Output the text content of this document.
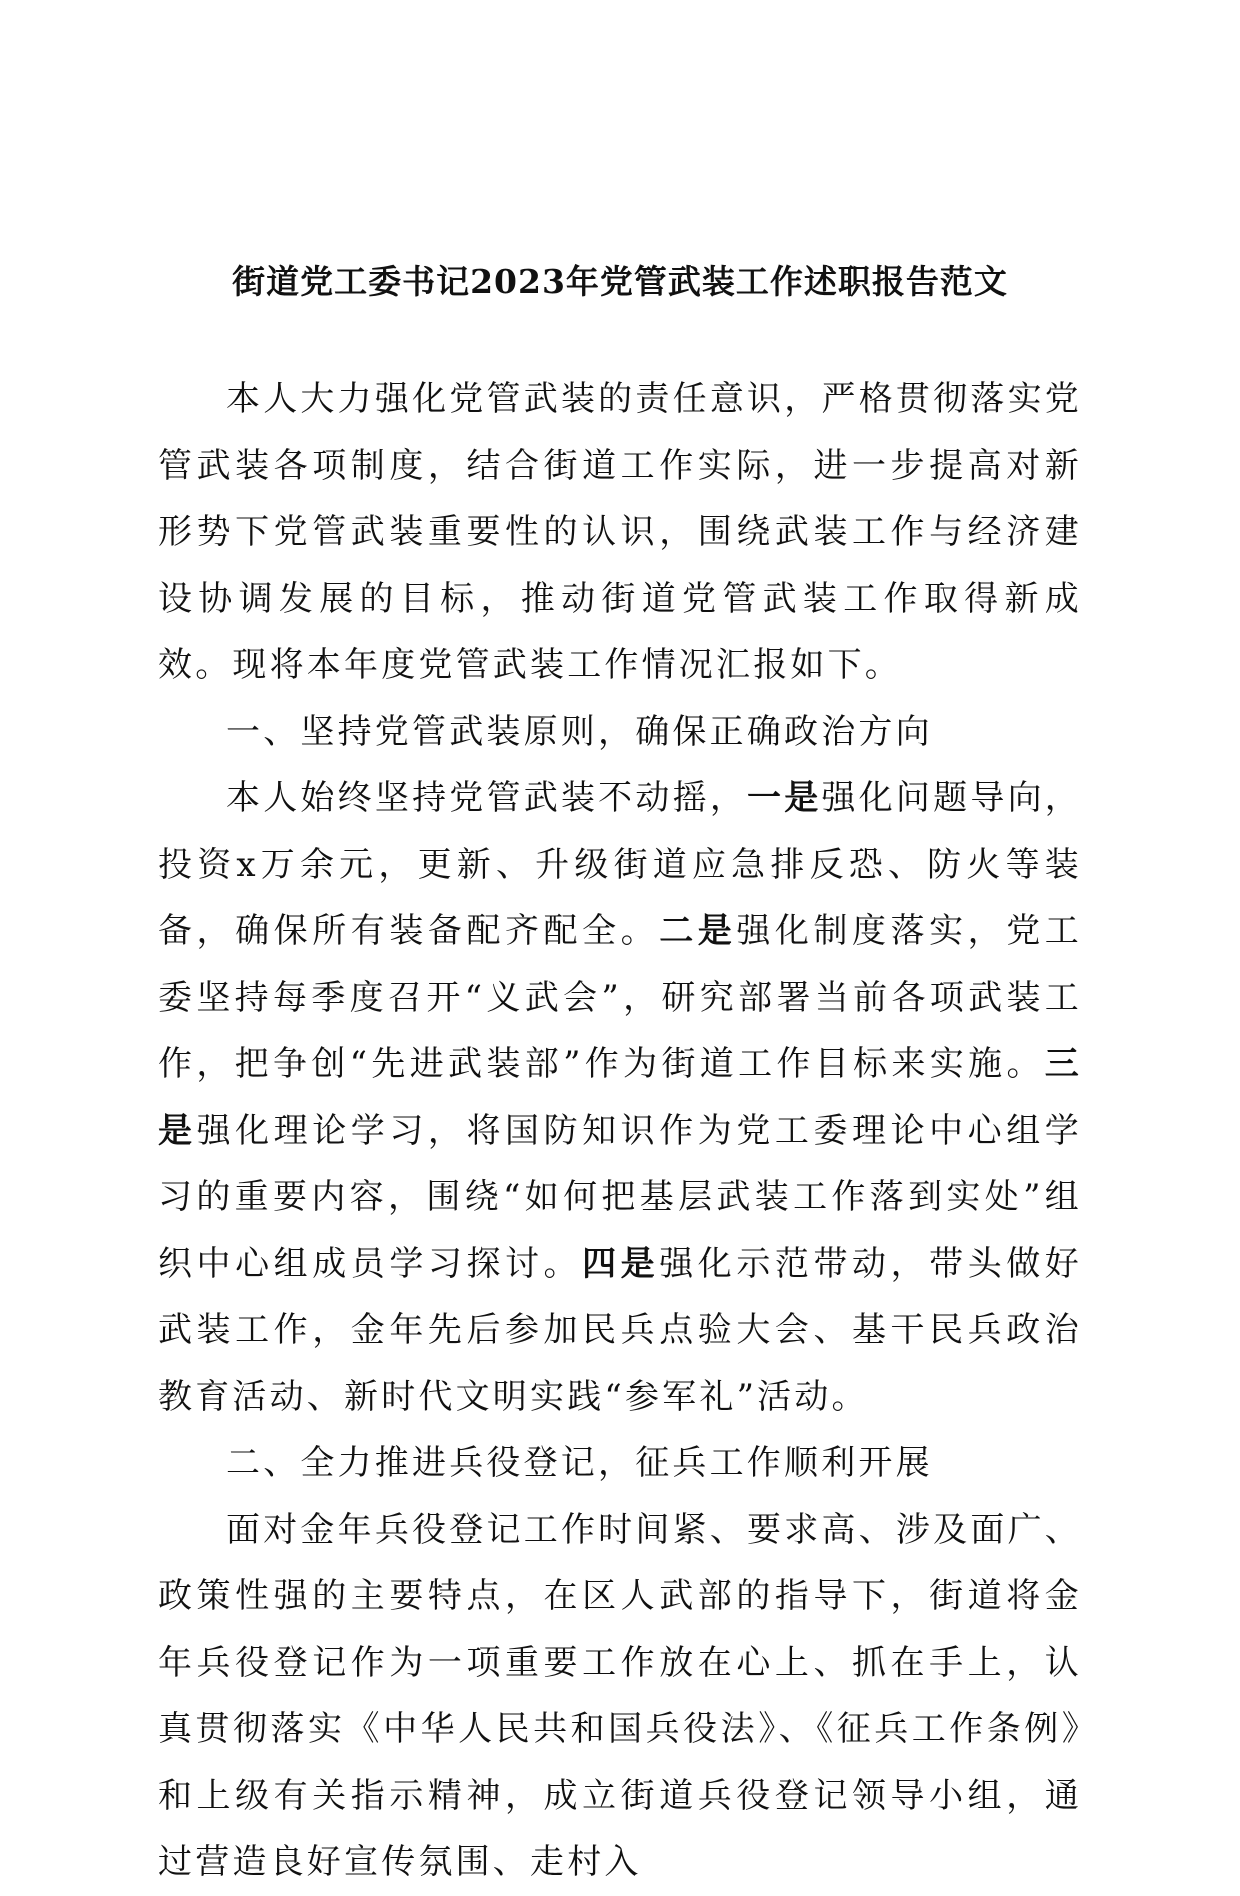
街道党工委书记2023年党管武装工作述职报告范文

本人大力强化党管武装的责任意识，严格贯彻落实党管武装各项制度，结合街道工作实际，进一步提高对新形势下党管武装重要性的认识，围绕武装工作与经济建设协调发展的目标，推动街道党管武装工作取得新成效。现将本年度党管武装工作情况汇报如下。

一、坚持党管武装原则，确保正确政治方向

本人始终坚持党管武装不动摇，一是强化问题导向，投资x万余元，更新、升级街道应急排反恐、防火等装备，确保所有装备配齐配全。二是强化制度落实，党工委坚持每季度召开“义武会”，研究部署当前各项武装工作，把争创“先进武装部”作为街道工作目标来实施。三是强化理论学习，将国防知识作为党工委理论中心组学习的重要内容，围绕“如何把基层武装工作落到实处”组织中心组成员学习探讨。四是强化示范带动，带头做好武装工作，金年先后参加民兵点验大会、基干民兵政治教育活动、新时代文明实践“参军礼”活动。

二、全力推进兵役登记，征兵工作顺利开展

面对金年兵役登记工作时间紧、要求高、涉及面广、政策性强的主要特点，在区人武部的指导下，街道将金年兵役登记作为一项重要工作放在心上、抓在手上，认真贯彻落实《中华人民共和国兵役法》、《征兵工作条例》和上级有关指示精神，成立街道兵役登记领导小组，通过营造良好宣传氛围、走村入
